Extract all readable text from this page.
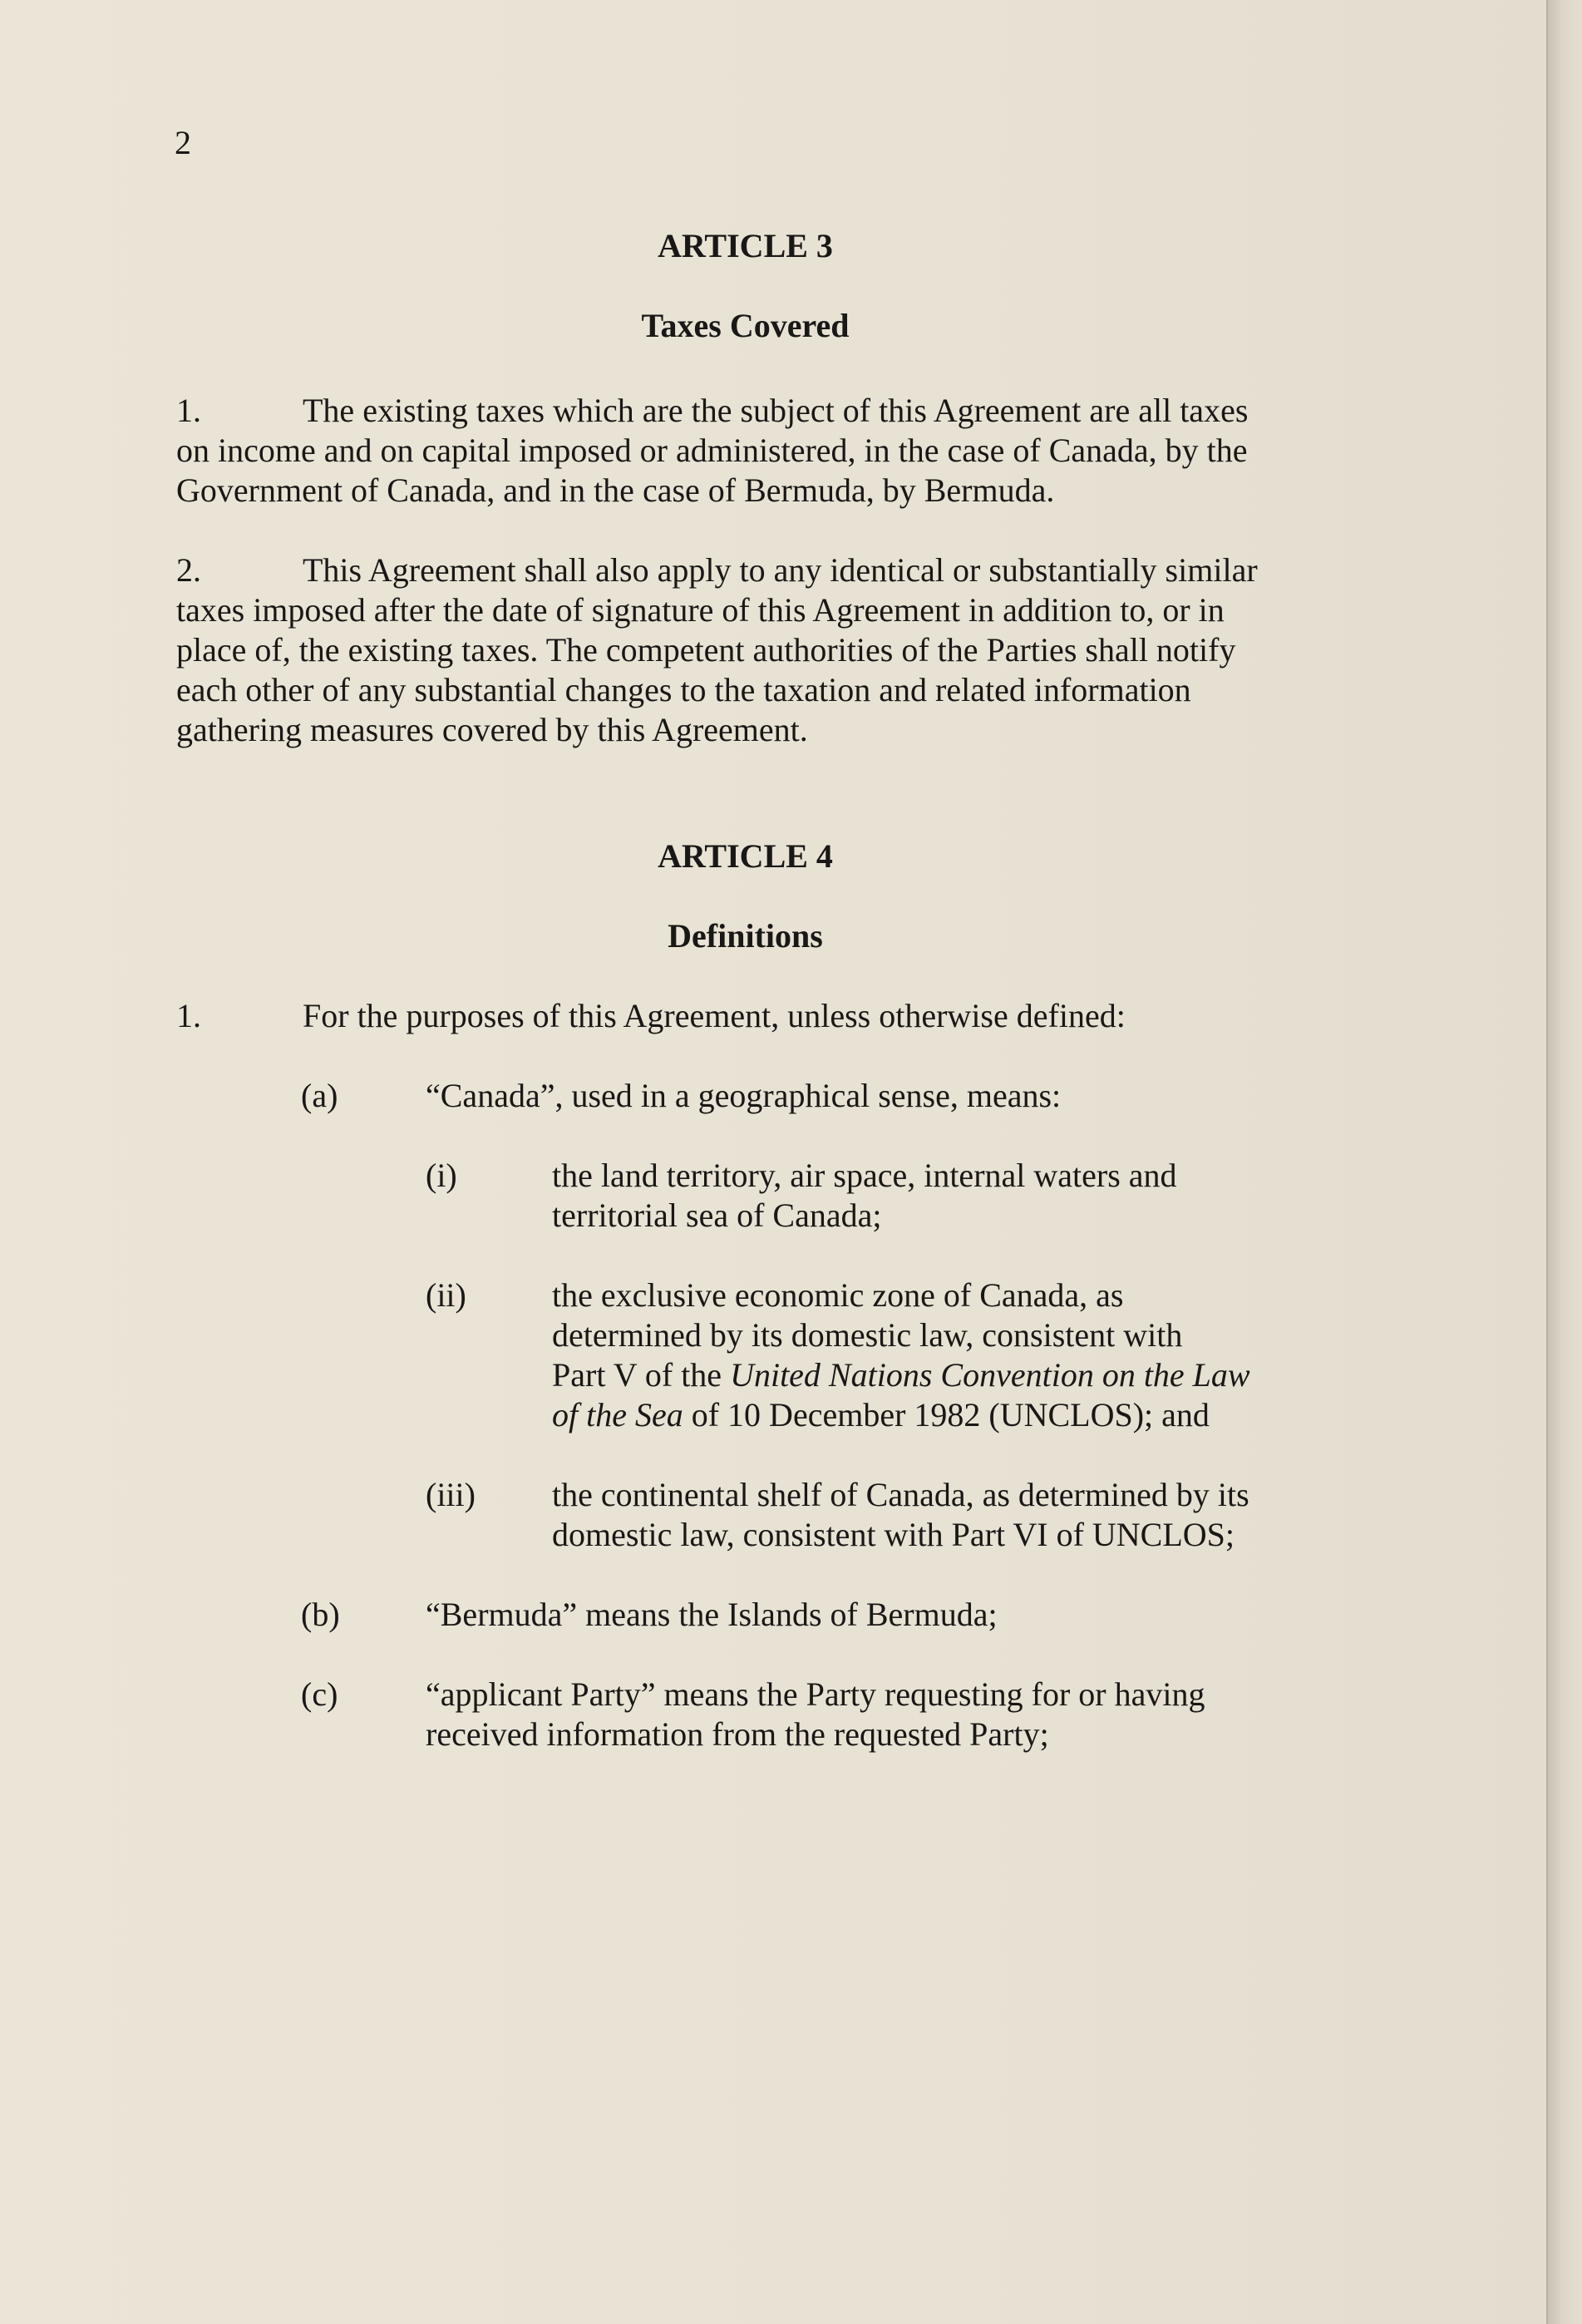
2
ARTICLE 3
Taxes Covered
1.	The existing taxes which are the subject of this Agreement are all taxes
on income and on capital imposed or administered, in the case of Canada, by the
Government of Canada, and in the case of Bermuda, by Bermuda.
2.	This Agreement shall also apply to any identical or substantially similar
taxes imposed after the date of signature of this Agreement in addition to, or in
place of, the existing taxes. The competent authorities of the Parties shall notify
each other of any substantial changes to the taxation and related information
gathering measures covered by this Agreement.
ARTICLE 4
Definitions
1.	For the purposes of this Agreement, unless otherwise defined:
(a)	“Canada”, used in a geographical sense, means:
(i)	the land territory, air space, internal waters and
territorial sea of Canada;
(ii)	the exclusive economic zone of Canada, as
determined by its domestic law, consistent with
Part V of the United Nations Convention on the Law
of the Sea of 10 December 1982 (UNCLOS); and
(iii) the continental shelf of Canada, as determined by its
domestic law, consistent with Part VI of UNCLOS;
(b)	“Bermuda” means the Islands of Bermuda;
(c)	“applicant Party” means the Party requesting for or having
received information from the requested Party;
